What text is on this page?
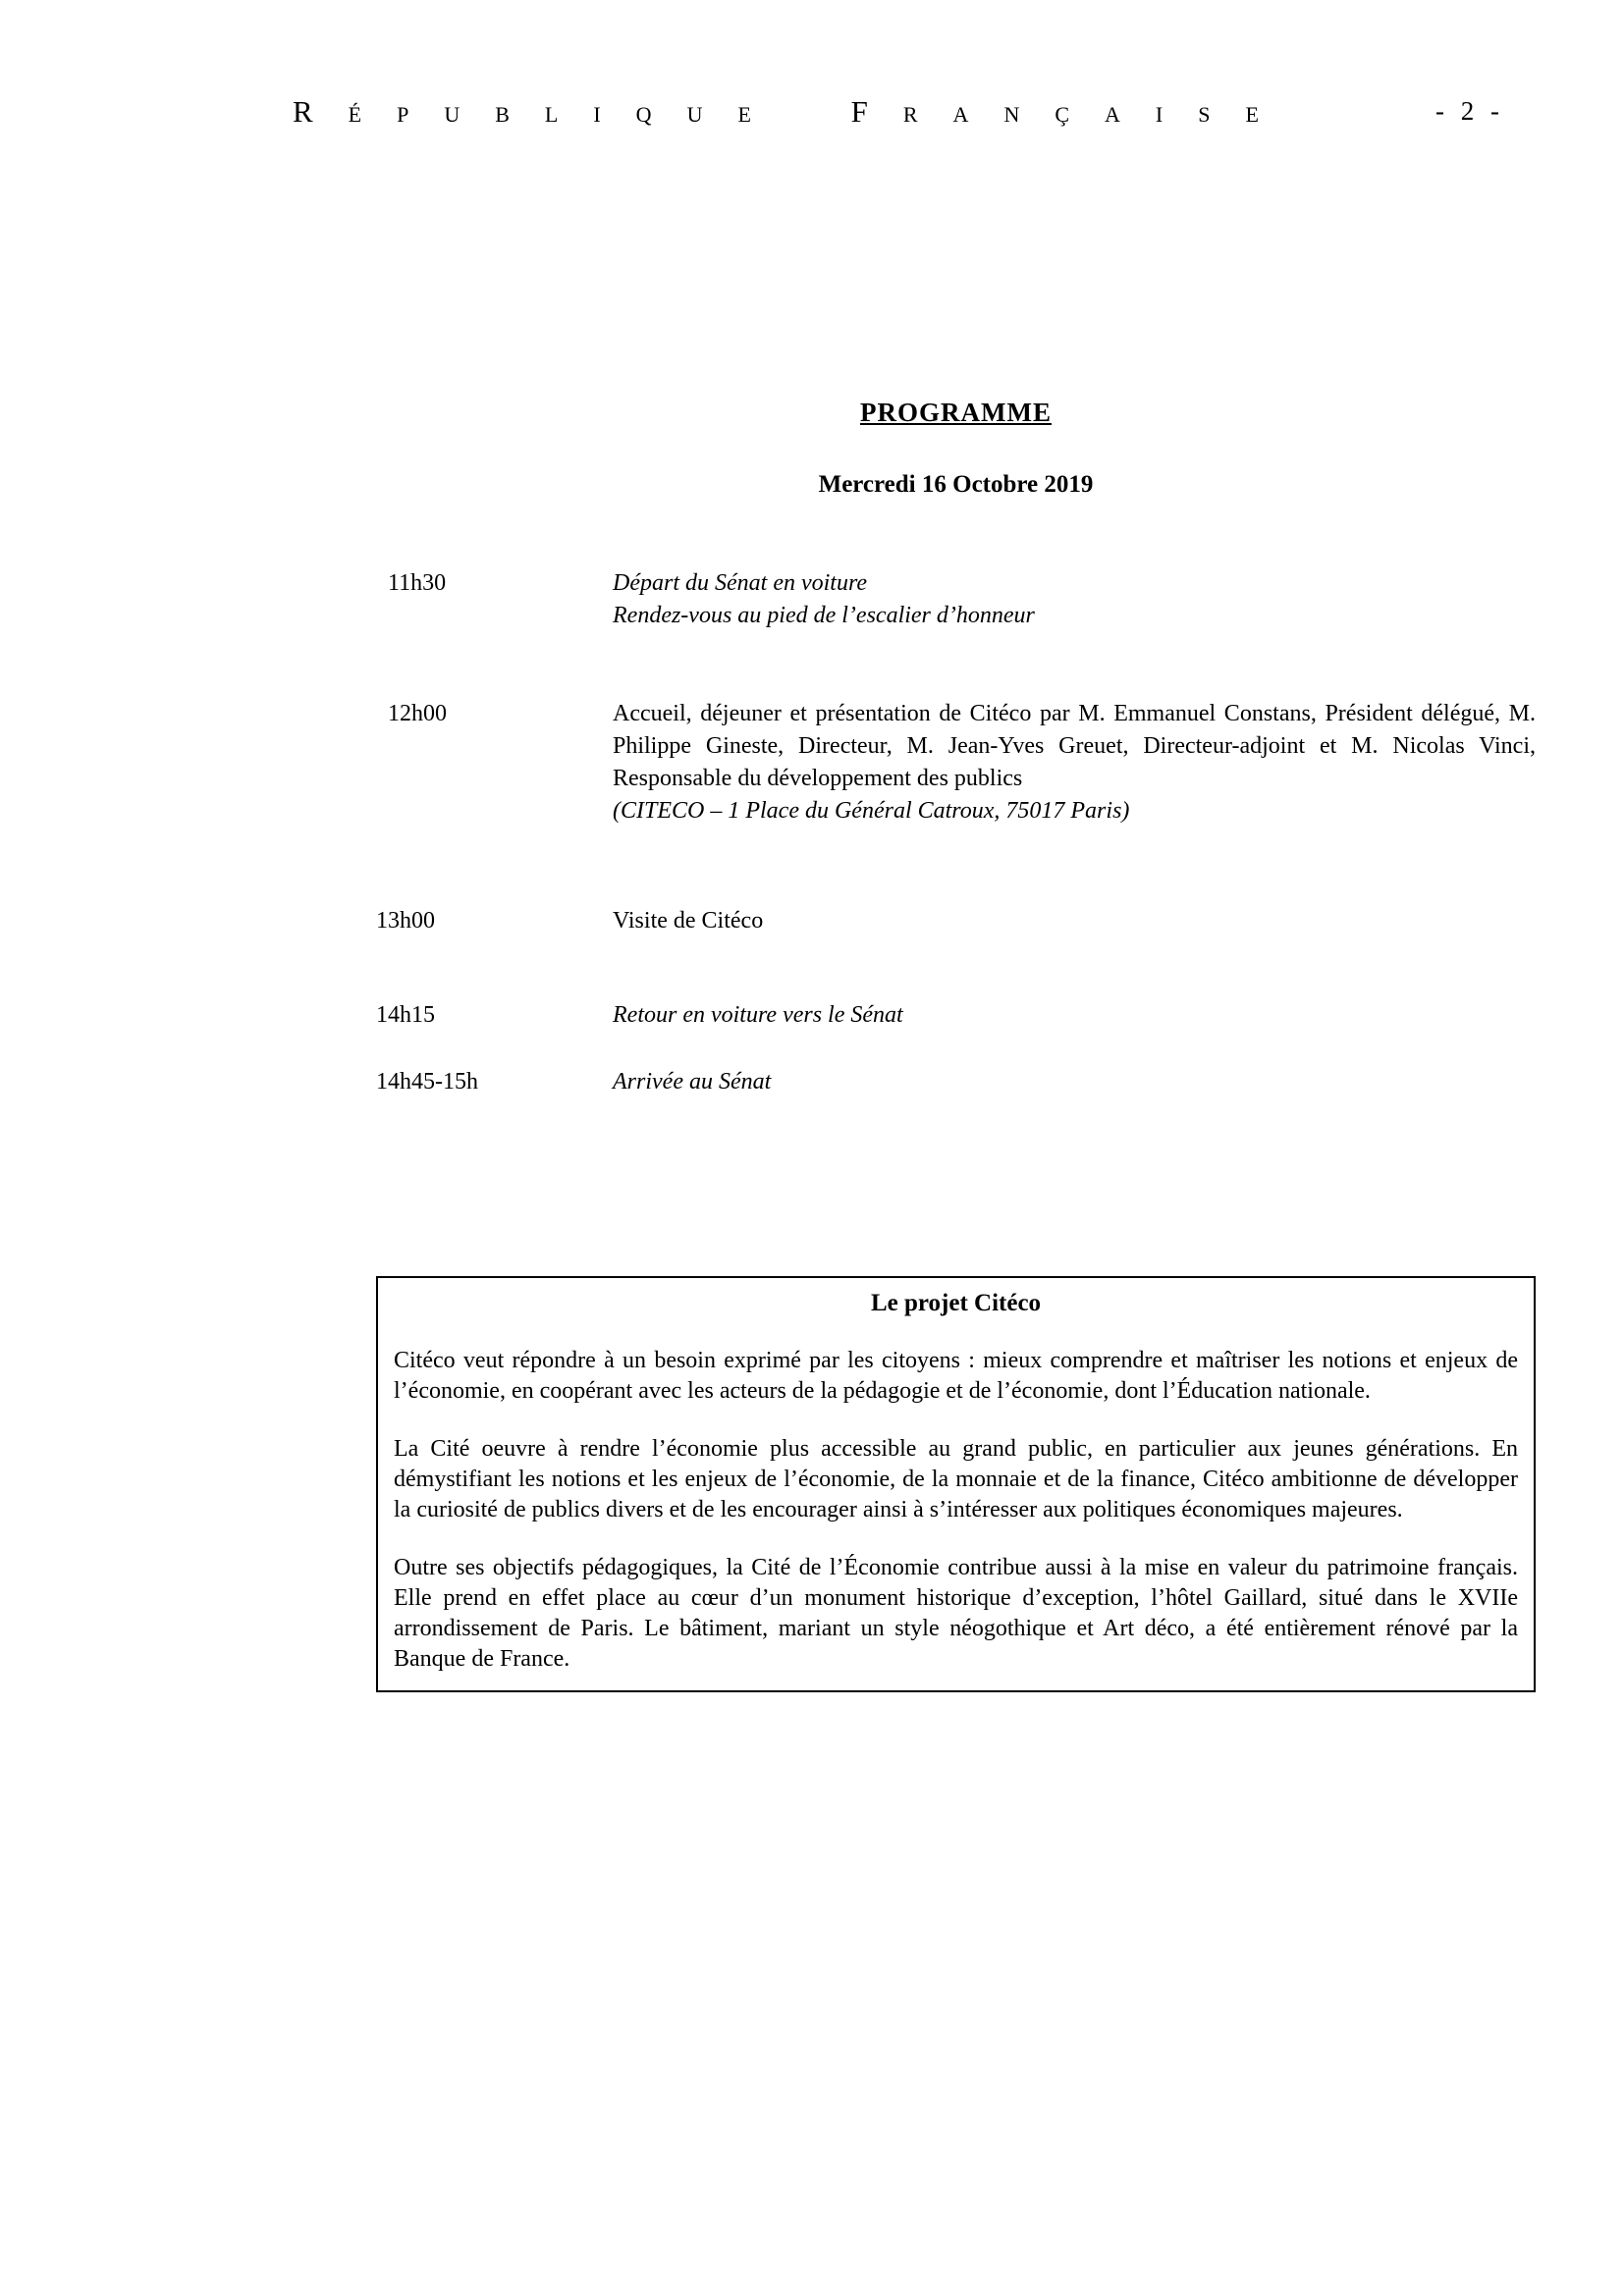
République Française	- 2 -
PROGRAMME
Mercredi 16 Octobre 2019
11h30	Départ du Sénat en voiture
Rendez-vous au pied de l’escalier d’honneur
12h00	Accueil, déjeuner et présentation de Citéco par M. Emmanuel Constans, Président délégué, M. Philippe Gineste, Directeur, M. Jean-Yves Greuet, Directeur-adjoint et M. Nicolas Vinci, Responsable du développement des publics
(CITECO – 1 Place du Général Catroux, 75017 Paris)
13h00	Visite de Citéco
14h15	Retour en voiture vers le Sénat
14h45-15h	Arrivée au Sénat
Le projet Citéco

Citéco veut répondre à un besoin exprimé par les citoyens : mieux comprendre et maîtriser les notions et enjeux de l’économie, en coopérant avec les acteurs de la pédagogie et de l’économie, dont l’Éducation nationale.

La Cité oeuvre à rendre l’économie plus accessible au grand public, en particulier aux jeunes générations. En démystifiant les notions et les enjeux de l’économie, de la monnaie et de la finance, Citéco ambitionne de développer la curiosité de publics divers et de les encourager ainsi à s’intéresser aux politiques économiques majeures.

Outre ses objectifs pédagogiques, la Cité de l’Économie contribue aussi à la mise en valeur du patrimoine français. Elle prend en effet place au cœur d’un monument historique d’exception, l’hôtel Gaillard, situé dans le XVIIe arrondissement de Paris. Le bâtiment, mariant un style néogothique et Art déco, a été entièrement rénové par la Banque de France.
